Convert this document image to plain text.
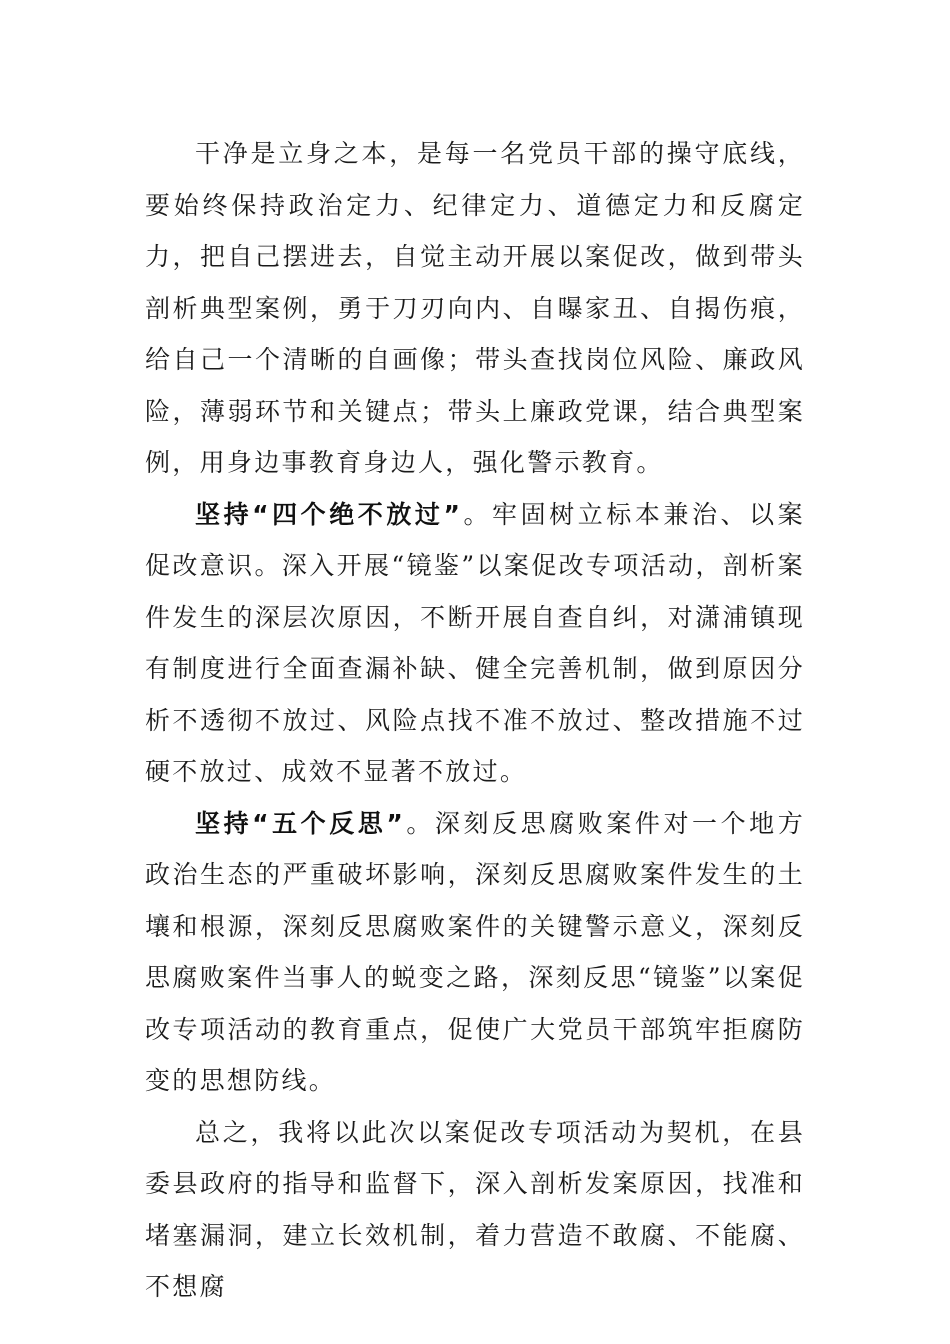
干净是立身之本，是每一名党员干部的操守底线，要始终保持政治定力、纪律定力、道德定力和反腐定力，把自己摆进去，自觉主动开展以案促改，做到带头剖析典型案例，勇于刀刃向内、自曝家丑、自揭伤痕，给自己一个清晰的自画像；带头查找岗位风险、廉政风险，薄弱环节和关键点；带头上廉政党课，结合典型案例，用身边事教育身边人，强化警示教育。

坚持“四个绝不放过”。牢固树立标本兼治、以案促改意识。深入开展“镜鉴”以案促改专项活动，剖析案件发生的深层次原因，不断开展自查自纠，对潇浦镇现有制度进行全面查漏补缺、健全完善机制，做到原因分析不透彻不放过、风险点找不准不放过、整改措施不过硬不放过、成效不显著不放过。

坚持“五个反思”。深刻反思腐败案件对一个地方政治生态的严重破坏影响，深刻反思腐败案件发生的土壤和根源，深刻反思腐败案件的关键警示意义，深刻反思腐败案件当事人的蜕变之路，深刻反思“镜鉴”以案促改专项活动的教育重点，促使广大党员干部筑牢拒腐防变的思想防线。

总之，我将以此次以案促改专项活动为契机，在县委县政府的指导和监督下，深入剖析发案原因，找准和堵塞漏洞，建立长效机制，着力营造不敢腐、不能腐、不想腐
